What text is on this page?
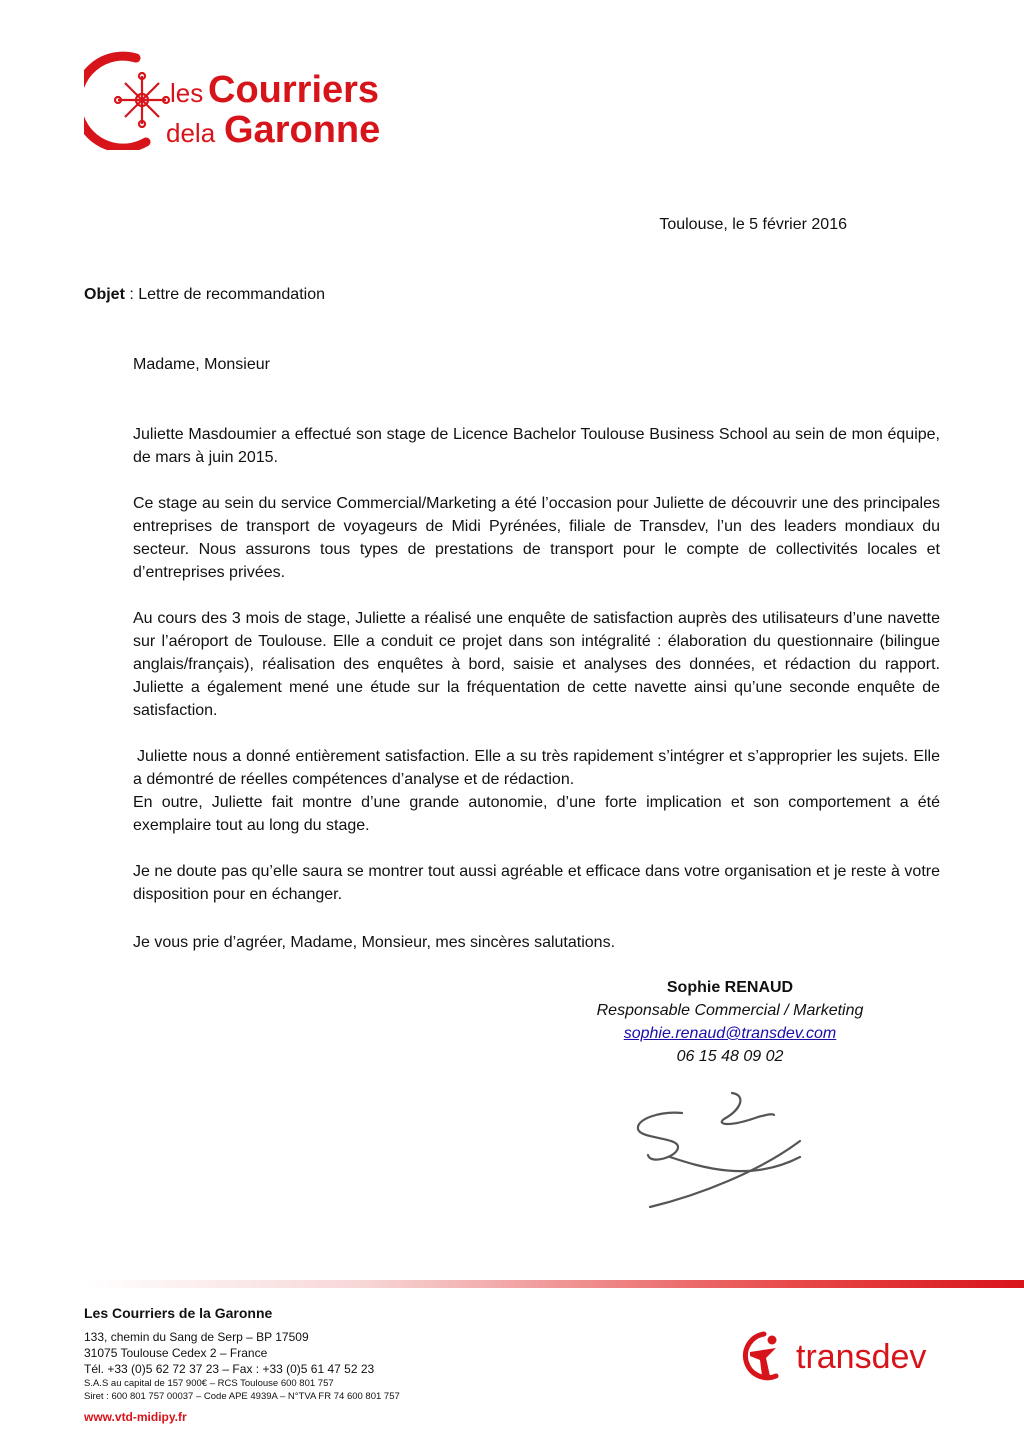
les Courriers
dela Garonne
Toulouse, le 5 février 2016
Objet : Lettre de recommandation
Madame, Monsieur

Juliette Masdoumier a effectué son stage de Licence Bachelor Toulouse Business School au sein de mon équipe, de mars à juin 2015.

Ce stage au sein du service Commercial/Marketing a été l’occasion pour Juliette de découvrir une des principales entreprises de transport de voyageurs de Midi Pyrénées, filiale de Transdev, l’un des leaders mondiaux du secteur. Nous assurons tous types de prestations de transport pour le compte de collectivités locales et d’entreprises privées.

Au cours des 3 mois de stage, Juliette a réalisé une enquête de satisfaction auprès des utilisateurs d’une navette sur l’aéroport de Toulouse. Elle a conduit ce projet dans son intégralité : élaboration du questionnaire (bilingue anglais/français), réalisation des enquêtes à bord, saisie et analyses des données, et rédaction du rapport. Juliette a également mené une étude sur la fréquentation de cette navette ainsi qu’une seconde enquête de satisfaction.

Juliette nous a donné entièrement satisfaction. Elle a su très rapidement s’intégrer et s’approprier les sujets. Elle a démontré de réelles compétences d’analyse et de rédaction.

En outre, Juliette fait montre d’une grande autonomie, d’une forte implication et son comportement a été exemplaire tout au long du stage.

Je ne doute pas qu’elle saura se montrer tout aussi agréable et efficace dans votre organisation et je reste à votre disposition pour en échanger.

Je vous prie d’agréer, Madame, Monsieur, mes sincères salutations.
Sophie RENAUD
Responsable Commercial / Marketing
sophie.renaud@transdev.com
06 15 48 09 02
Les Courriers de la Garonne
133, chemin du Sang de Serp – BP 17509
31075 Toulouse Cedex 2 – France
Tél. +33 (0)5 62 72 37 23 – Fax : +33 (0)5 61 47 52 23
S.A.S au capital de 157 900€ – RCS Toulouse 600 801 757
Siret : 600 801 757 00037 – Code APE 4939A – N°TVA FR 74 600 801 757
www.vtd-midipy.fr
transdev
